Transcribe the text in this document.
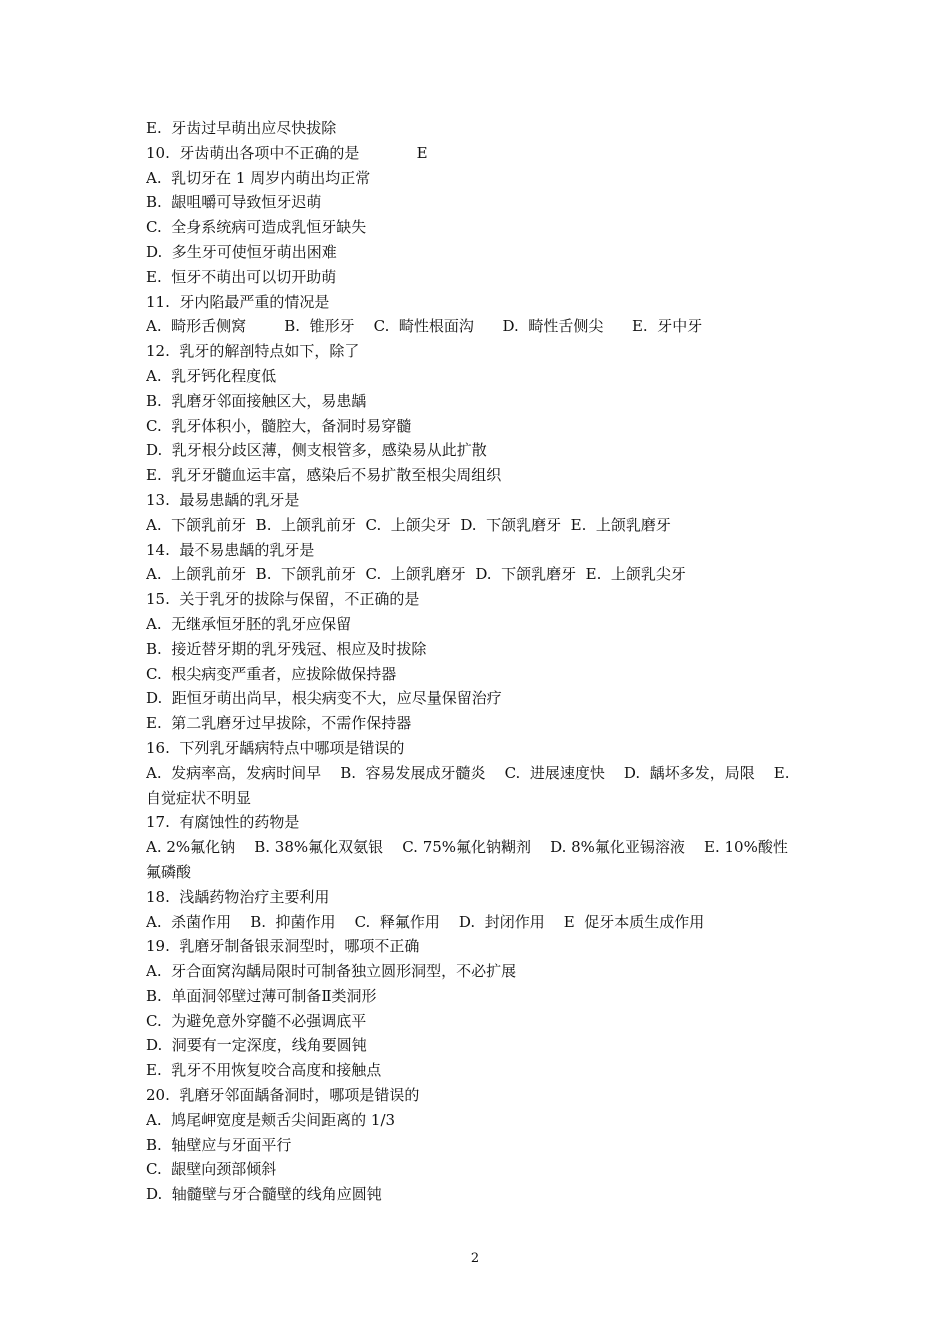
E.  牙齿过早萌出应尽快拔除
10.  牙齿萌出各项中不正确的是            E
A.  乳切牙在 1 周岁内萌出均正常
B.  龈咀嚼可导致恒牙迟萌
C.  全身系统病可造成乳恒牙缺失
D.  多生牙可使恒牙萌出困难
E.  恒牙不萌出可以切开助萌
11.  牙内陷最严重的情况是
A.  畸形舌侧窝        B.  锥形牙    C.  畸性根面沟      D.  畸性舌侧尖      E.  牙中牙
12.  乳牙的解剖特点如下，除了
A.  乳牙钙化程度低
B.  乳磨牙邻面接触区大，易患龋
C.  乳牙体积小，髓腔大，备洞时易穿髓
D.  乳牙根分歧区薄，侧支根管多，感染易从此扩散
E.  乳牙牙髓血运丰富，感染后不易扩散至根尖周组织
13.  最易患龋的乳牙是
A.  下颌乳前牙  B.  上颌乳前牙  C.  上颌尖牙  D.  下颌乳磨牙  E.  上颌乳磨牙
14.  最不易患龋的乳牙是
A.  上颌乳前牙  B.  下颌乳前牙  C.  上颌乳磨牙  D.  下颌乳磨牙  E.  上颌乳尖牙
15.  关于乳牙的拔除与保留，不正确的是
A.  无继承恒牙胚的乳牙应保留
B.  接近替牙期的乳牙残冠、根应及时拔除
C.  根尖病变严重者，应拔除做保持器
D.  距恒牙萌出尚早，根尖病变不大，应尽量保留治疗
E.  第二乳磨牙过早拔除，不需作保持器
16.  下列乳牙龋病特点中哪项是错误的
A.  发病率高，发病时间早    B.  容易发展成牙髓炎    C.  进展速度快    D.  龋坏多发，局限    E.
自觉症状不明显
17.  有腐蚀性的药物是
A. 2%氟化钠    B. 38%氟化双氨银    C. 75%氟化钠糊剂    D. 8%氟化亚锡溶液    E. 10%酸性
氟磷酸
18.  浅龋药物治疗主要利用
A.  杀菌作用    B.  抑菌作用    C.  释氟作用    D.  封闭作用    E  促牙本质生成作用
19.  乳磨牙制备银汞洞型时，哪项不正确
A.  牙合面窝沟龋局限时可制备独立圆形洞型，不必扩展
B.  单面洞邻壁过薄可制备Ⅱ类洞形
C.  为避免意外穿髓不必强调底平
D.  洞要有一定深度，线角要圆钝
E.  乳牙不用恢复咬合高度和接触点
20.  乳磨牙邻面龋备洞时，哪项是错误的
A.  鸠尾岬宽度是颊舌尖间距离的 1/3
B.  轴壁应与牙面平行
C.  龈壁向颈部倾斜
D.  轴髓壁与牙合髓壁的线角应圆钝
2
